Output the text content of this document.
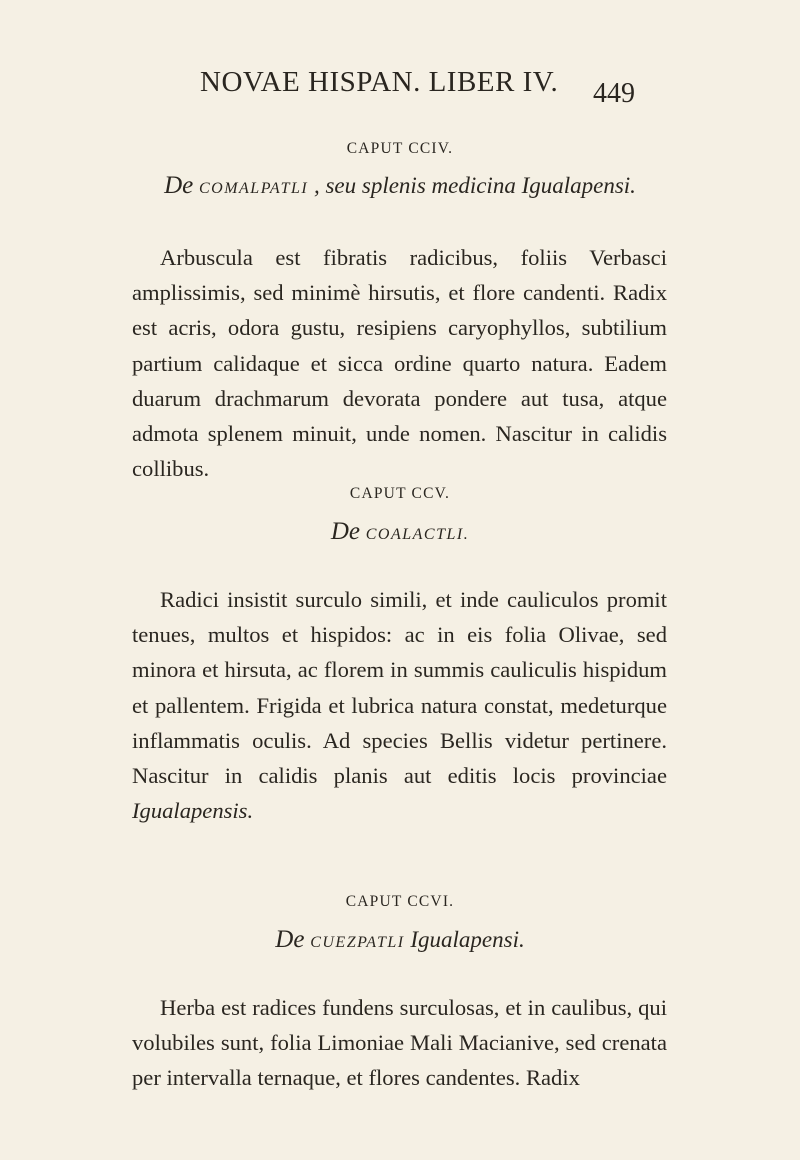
NOVAE HISPAN. LIBER IV. 449
CAPUT CCIV.
De COMALPATLI , seu splenis medicina Igualapensi.

Arbuscula est fibratis radicibus, foliis Verbasci amplissimis, sed minimè hirsutis, et flore candenti. Radix est acris, odora gustu, resipiens caryophyllos, subtilium partium calidaque et sicca ordine quarto natura. Eadem duarum drachmarum devorata pondere aut tusa, atque admota splenem minuit, unde nomen. Nascitur in calidis collibus.

CAPUT CCV.
De COALACTLI.

Radici insistit surculo simili, et inde cauliculos promit tenues, multos et hispidos: ac in eis folia Olivae, sed minora et hirsuta, ac florem in summis cauliculis hispidum et pallentem. Frigida et lubrica natura constat, medeturque inflammatis oculis. Ad species Bellis videtur pertinere. Nascitur in calidis planis aut editis locis provinciae Igualapensis.

CAPUT CCVI.
De CUEZPATLI Igualapensi.

Herba est radices fundens surculosas, et in caulibus, qui volubiles sunt, folia Limoniae Mali Macianive, sed crenata per intervalla ternaque, et flores candentes. Radix
